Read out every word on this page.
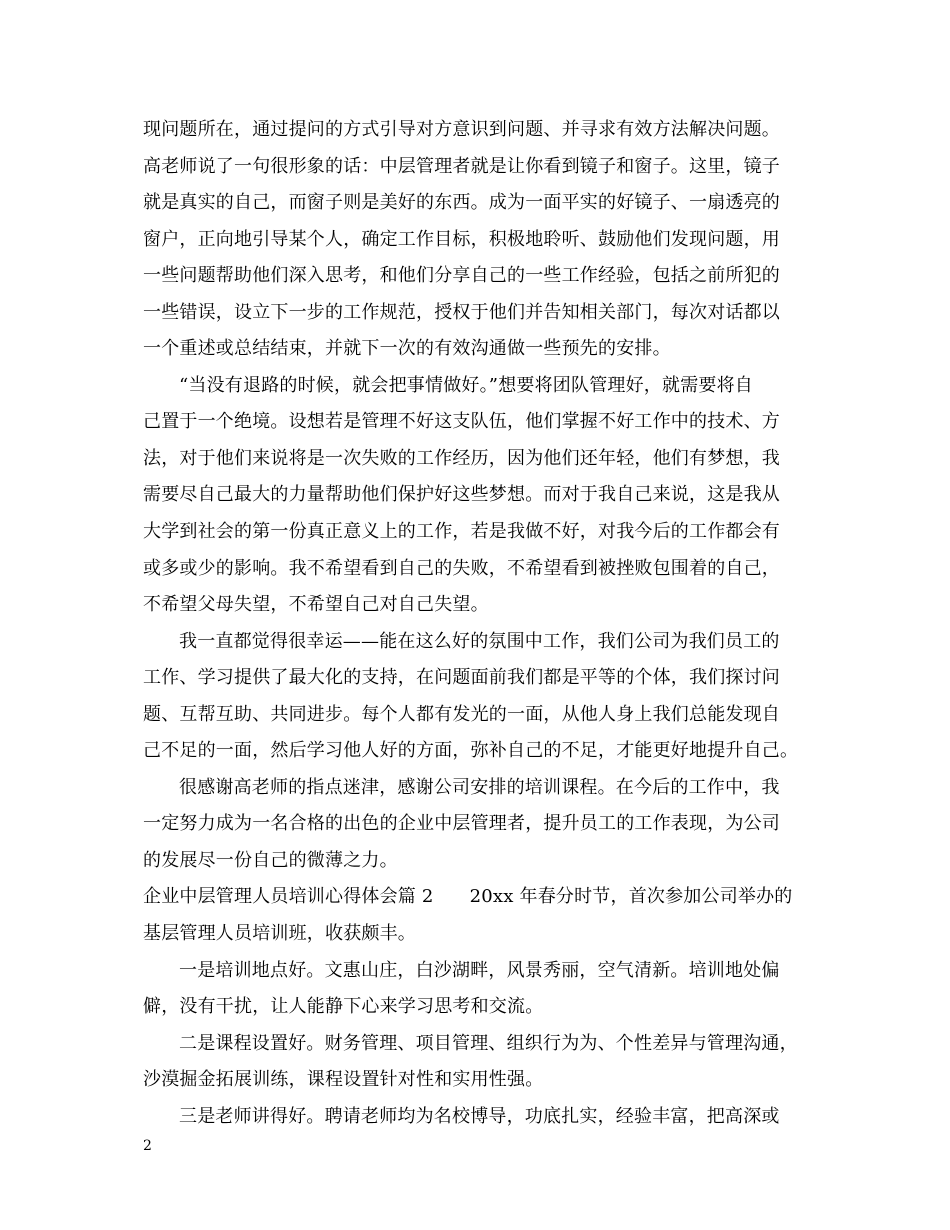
现问题所在，通过提问的方式引导对方意识到问题、并寻求有效方法解决问题。
高老师说了一句很形象的话：中层管理者就是让你看到镜子和窗子。这里，镜子
就是真实的自己，而窗子则是美好的东西。成为一面平实的好镜子、一扇透亮的
窗户，正向地引导某个人，确定工作目标，积极地聆听、鼓励他们发现问题，用
一些问题帮助他们深入思考，和他们分享自己的一些工作经验，包括之前所犯的
一些错误，设立下一步的工作规范，授权于他们并告知相关部门，每次对话都以
一个重述或总结结束，并就下一次的有效沟通做一些预先的安排。
“当没有退路的时候，就会把事情做好。”想要将团队管理好，就需要将自
己置于一个绝境。设想若是管理不好这支队伍，他们掌握不好工作中的技术、方
法，对于他们来说将是一次失败的工作经历，因为他们还年轻，他们有梦想，我
需要尽自己最大的力量帮助他们保护好这些梦想。而对于我自己来说，这是我从
大学到社会的第一份真正意义上的工作，若是我做不好，对我今后的工作都会有
或多或少的影响。我不希望看到自己的失败，不希望看到被挫败包围着的自己，
不希望父母失望，不希望自己对自己失望。
我一直都觉得很幸运——能在这么好的氛围中工作，我们公司为我们员工的
工作、学习提供了最大化的支持，在问题面前我们都是平等的个体，我们探讨问
题、互帮互助、共同进步。每个人都有发光的一面，从他人身上我们总能发现自
己不足的一面，然后学习他人好的方面，弥补自己的不足，才能更好地提升自己。
很感谢高老师的指点迷津，感谢公司安排的培训课程。在今后的工作中，我
一定努力成为一名合格的出色的企业中层管理者，提升员工的工作表现，为公司
的发展尽一份自己的微薄之力。
企业中层管理人员培训心得体会篇 2 20xx 年春分时节，首次参加公司举办的
基层管理人员培训班，收获颇丰。
一是培训地点好。文惠山庄，白沙湖畔，风景秀丽，空气清新。培训地处偏
僻，没有干扰，让人能静下心来学习思考和交流。
二是课程设置好。财务管理、项目管理、组织行为为、个性差异与管理沟通，
沙漠掘金拓展训练，课程设置针对性和实用性强。
三是老师讲得好。聘请老师均为名校博导，功底扎实，经验丰富，把高深或
2
